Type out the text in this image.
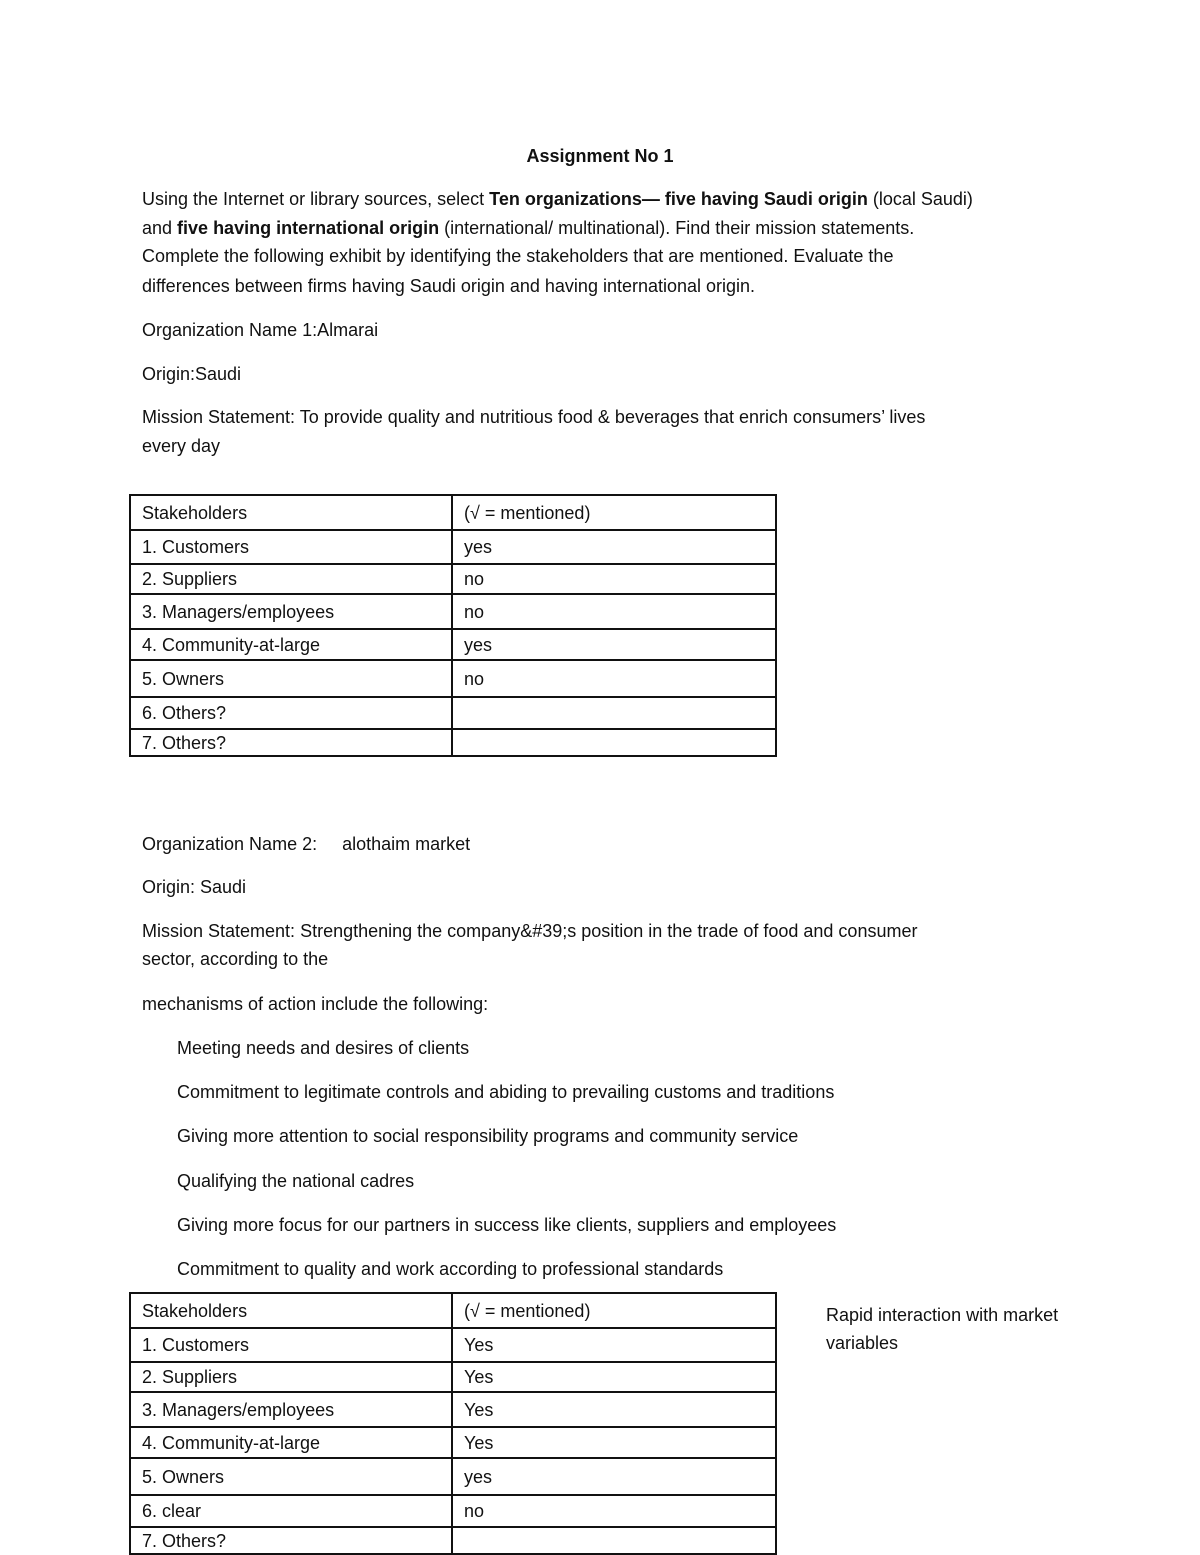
Assignment No 1
Using the Internet or library sources, select Ten organizations— five having Saudi origin (local Saudi)
and five having international origin (international/ multinational). Find their mission statements.
Complete the following exhibit by identifying the stakeholders that are mentioned. Evaluate the
differences between firms having Saudi origin and having international origin.
Organization Name 1:Almarai
Origin:Saudi
Mission Statement: To provide quality and nutritious food & beverages that enrich consumers’ lives
every day
Stakeholders	(√ = mentioned)
1. Customers	yes
2. Suppliers	no
3. Managers/employees	no
4. Community-at-large	yes
5. Owners	no
6. Others?	
7. Others?	
Organization Name 2:     alothaim market
Origin: Saudi
Mission Statement: Strengthening the company&#39;s position in the trade of food and consumer
sector, according to the
mechanisms of action include the following:
Meeting needs and desires of clients
Commitment to legitimate controls and abiding to prevailing customs and traditions
Giving more attention to social responsibility programs and community service
Qualifying the national cadres
Giving more focus for our partners in success like clients, suppliers and employees
Commitment to quality and work according to professional standards
Stakeholders	(√ = mentioned)
1. Customers	Yes
2. Suppliers	Yes
3. Managers/employees	Yes
4. Community-at-large	Yes
5. Owners	yes
6. clear	no
7. Others?	
Rapid interaction with market variables
